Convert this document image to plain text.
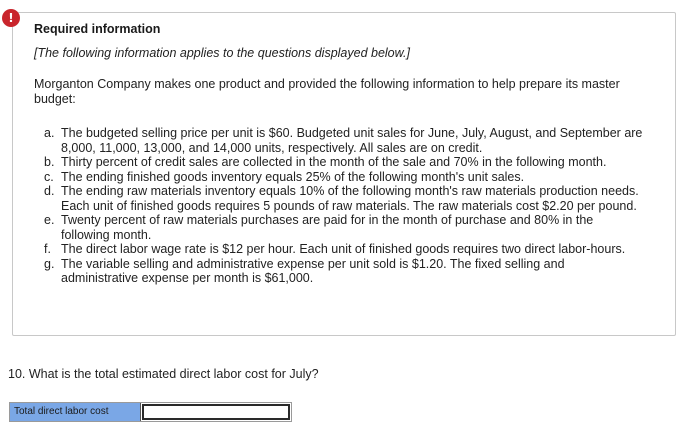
!
Required information
[The following information applies to the questions displayed below.]
Morganton Company makes one product and provided the following information to help prepare its master budget:
a. The budgeted selling price per unit is $60. Budgeted unit sales for June, July, August, and September are 8,000, 11,000, 13,000, and 14,000 units, respectively. All sales are on credit.
b. Thirty percent of credit sales are collected in the month of the sale and 70% in the following month.
c. The ending finished goods inventory equals 25% of the following month's unit sales.
d. The ending raw materials inventory equals 10% of the following month's raw materials production needs. Each unit of finished goods requires 5 pounds of raw materials. The raw materials cost $2.20 per pound.
e. Twenty percent of raw materials purchases are paid for in the month of purchase and 80% in the following month.
f. The direct labor wage rate is $12 per hour. Each unit of finished goods requires two direct labor-hours.
g. The variable selling and administrative expense per unit sold is $1.20. The fixed selling and administrative expense per month is $61,000.
10. What is the total estimated direct labor cost for July?
Total direct labor cost
